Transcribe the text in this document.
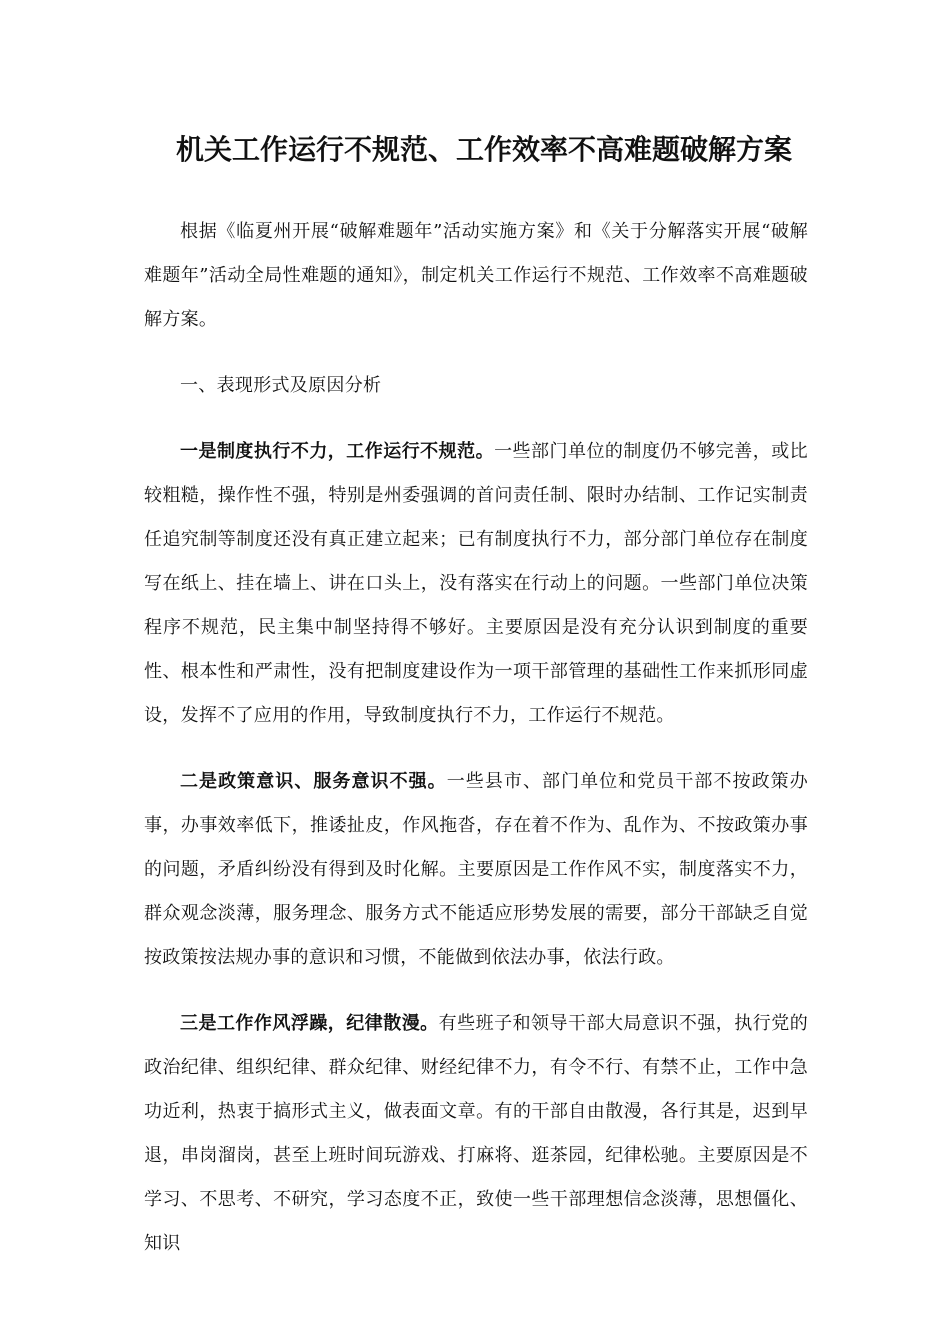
机关工作运行不规范、工作效率不高难题破解方案

根据《临夏州开展“破解难题年”活动实施方案》和《关于分解落实开展“破解难题年”活动全局性难题的通知》，制定机关工作运行不规范、工作效率不高难题破解方案。

一、表现形式及原因分析

一是制度执行不力，工作运行不规范。一些部门单位的制度仍不够完善，或比较粗糙，操作性不强，特别是州委强调的首问责任制、限时办结制、工作记实制责任追究制等制度还没有真正建立起来；已有制度执行不力，部分部门单位存在制度写在纸上、挂在墙上、讲在口头上，没有落实在行动上的问题。一些部门单位决策程序不规范，民主集中制坚持得不够好。主要原因是没有充分认识到制度的重要性、根本性和严肃性，没有把制度建设作为一项干部管理的基础性工作来抓形同虚设，发挥不了应用的作用，导致制度执行不力，工作运行不规范。

二是政策意识、服务意识不强。一些县市、部门单位和党员干部不按政策办事，办事效率低下，推诿扯皮，作风拖沓，存在着不作为、乱作为、不按政策办事的问题，矛盾纠纷没有得到及时化解。主要原因是工作作风不实，制度落实不力，群众观念淡薄，服务理念、服务方式不能适应形势发展的需要，部分干部缺乏自觉按政策按法规办事的意识和习惯，不能做到依法办事，依法行政。

三是工作作风浮躁，纪律散漫。有些班子和领导干部大局意识不强，执行党的政治纪律、组织纪律、群众纪律、财经纪律不力，有令不行、有禁不止，工作中急功近利，热衷于搞形式主义，做表面文章。有的干部自由散漫，各行其是，迟到早退，串岗溜岗，甚至上班时间玩游戏、打麻将、逛茶园，纪律松驰。主要原因是不学习、不思考、不研究，学习态度不正，致使一些干部理想信念淡薄，思想僵化、知识
